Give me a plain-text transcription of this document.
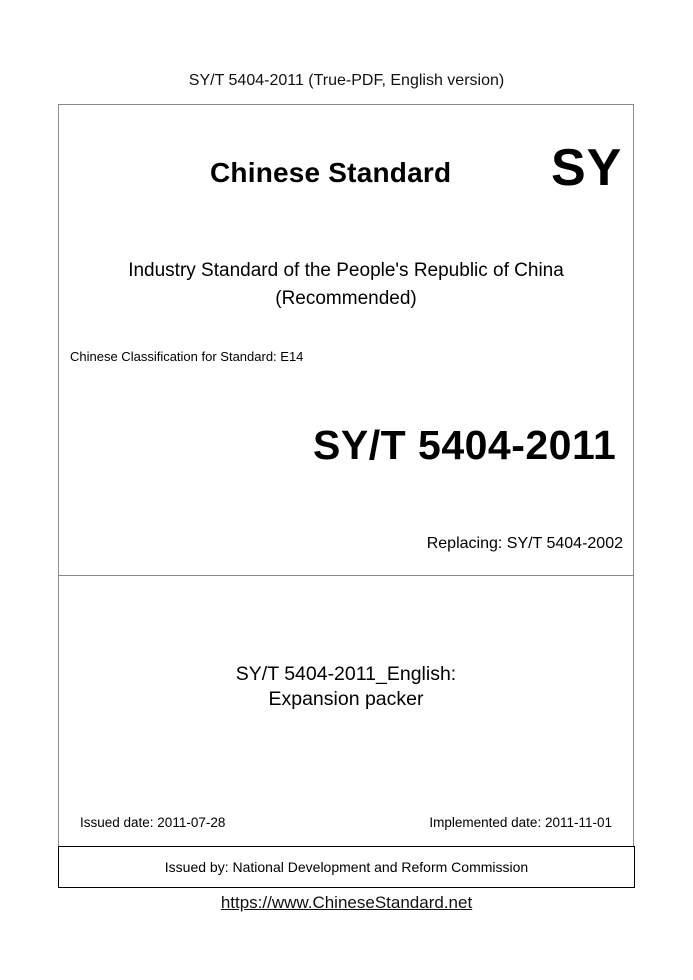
SY/T 5404-2011 (True-PDF, English version)
Chinese Standard SY
Industry Standard of the People's Republic of China
(Recommended)
Chinese Classification for Standard: E14
SY/T 5404-2011
Replacing: SY/T 5404-2002
SY/T 5404-2011_English:
Expansion packer
Issued date: 2011-07-28	Implemented date: 2011-11-01
Issued by: National Development and Reform Commission
https://www.ChineseStandard.net
